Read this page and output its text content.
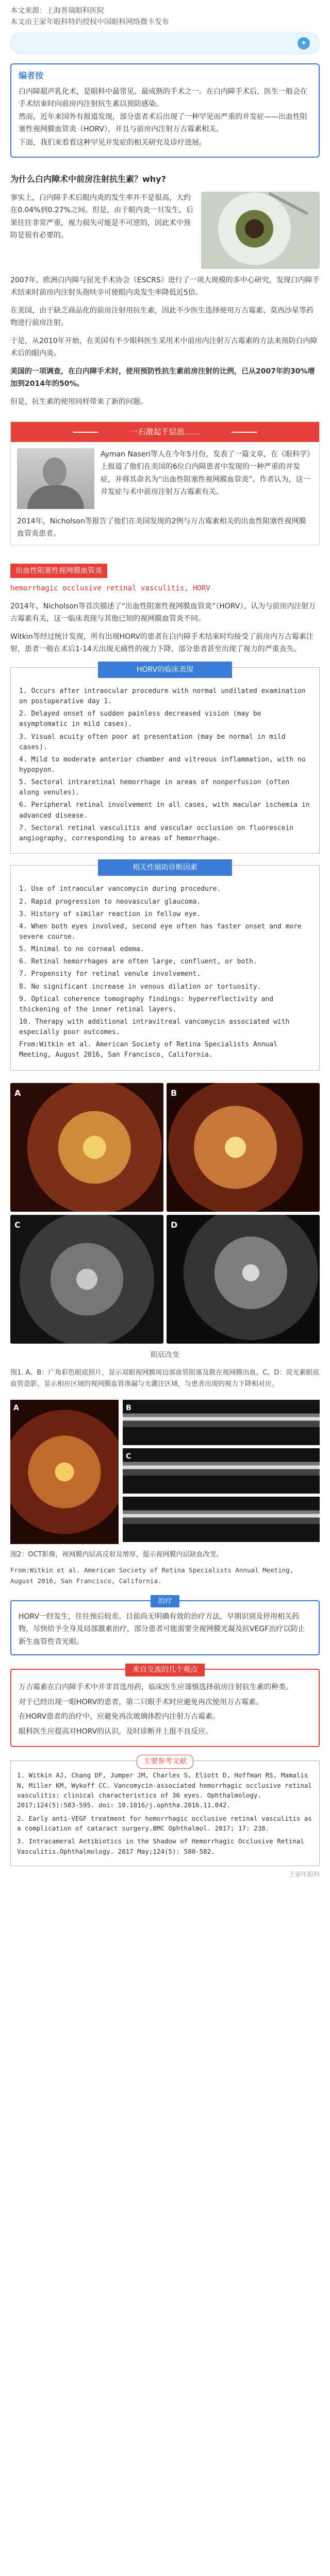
本文来源：上海普瑞眼科医院

本文由王家年眼科特约授权中国眼科网络微卡发布

✦
编者按

白内障超声乳化术，是眼科中最常见、最成熟的手术之一。在白内障手术后，医生一般会在手术结束时向前房内注射抗生素以预防感染。

然而，近年来国外有报道发现，部分患者术后出现了一种罕见而严重的并发症——出血性阻塞性视网膜血管炎（HORV），并且与前房内注射万古霉素相关。

下面，我们来看看这种罕见并发症的相关研究及诊疗进展。

为什么白内障术中前房注射抗生素？why?

事实上，白内障手术后眼内炎的发生率并不是很高，大约在0.04%到0.27%之间。但是，由于眼内炎一旦发生，后果往往非常严重，视力损失可能是不可逆的，因此术中预防是很有必要的。

2007年，欧洲白内障与屈光手术协会（ESCRS）进行了一项大规模的多中心研究，发现白内障手术结束时前房内注射头孢呋辛可使眼内炎发生率降低近5倍。

在美国，由于缺乏商品化的前房注射用抗生素，因此不少医生选择使用万古霉素、莫西沙星等药物进行前房注射。

于是，从2010年开始，在美国有不少眼科医生采用术中前房内注射万古霉素的方法来预防白内障术后的眼内炎。

美国的一项调查，在白内障手术时，使用预防性抗生素前房注射的比例，已从2007年的30%增加到2014年的50%。

但是，抗生素的使用同样带来了新的问题。

一石激起千层浪……
Ayman Naseri等人在今年5月份，发表了一篇文章，在《眼科学》上报道了他们在美国的6位白内障患者中发现的一种严重的并发症，并将其命名为“出血性阻塞性视网膜血管炎”。作者认为，这一并发症与术中前房注射万古霉素有关。

2014年，Nicholson等报告了他们在美国发现的2例与万古霉素相关的出血性阻塞性视网膜血管炎患者。

出血性阻塞性视网膜血管炎

hemorrhagic occlusive retinal vasculitis, HORV

2014年，Nicholson等首次描述了“出血性阻塞性视网膜血管炎”（HORV），认为与前房内注射万古霉素有关，这一临床表现与其他已知的视网膜血管炎不同。

Witkin等经过统计发现，所有出现HORV的患者在白内障手术结束时均接受了前房内万古霉素注射，患者一般在术后1-14天出现无痛性的视力下降，部分患者甚至出现了视力的严重丧失。

HORV的临床表现
1. Occurs after intraocular procedure with normal undilated examination on postoperative day 1.
2. Delayed onset of sudden painless decreased vision (may be asymptomatic in mild cases).
3. Visual acuity often poor at presentation (may be normal in mild cases).
4. Mild to moderate anterior chamber and vitreous inflammation, with no hypopyon.
5. Sectoral intraretinal hemorrhage in areas of nonperfusion (often along venules).
6. Peripheral retinal involvement in all cases, with macular ischemia in advanced disease.
7. Sectoral retinal vasculitis and vascular occlusion on fluorescein angiography, corresponding to areas of hemorrhage.
相关性辅助诊断因素
1. Use of intraocular vancomycin during procedure.
2. Rapid progression to neovascular glaucoma.
3. History of similar reaction in fellow eye.
4. When both eyes involved, second eye often has faster onset and more severe course.
5. Minimal to no corneal edema.
6. Retinal hemorrhages are often large, confluent, or both.
7. Propensity for retinal venule involvement.
8. No significant increase in venous dilation or tortuosity.
9. Optical coherence tomography findings: hyperreflectivity and thickening of the inner retinal layers.
10. Therapy with additional intravitreal vancomycin associated with especially poor outcomes.
From:Witkin et al. American Society of Retina Specialists Annual Meeting, August 2016, San Francisco, California.
A	B
C	D
眼底改变

图1. A、B：广角彩色眼底照片，显示双眼视网膜周边部血管阻塞及散在视网膜出血。C、D：荧光素眼底血管造影，显示相应区域的视网膜血管渗漏与无灌注区域，与患者出现的视力下降相对应。

A	B
C

图2：OCT影像，视网膜内层高反射及增厚，提示视网膜内层缺血改变。

From:Witkin et al. American Society of Retina Specialists Annual Meeting, August 2016, San Francisco, California.

治疗

HORV一经发生，往往预后较差。目前尚无明确有效的治疗方法，早期识别及停用相关药物，尽快给予全身及局部激素治疗，部分患者可能需要全视网膜光凝及抗VEGF治疗以防止新生血管性青光眼。

来自交流的几个观点

万古霉素在白内障手术中并非首选用药，临床医生应谨慎选择前房注射抗生素的种类。

对于已经出现一眼HORV的患者，第二只眼手术时应避免再次使用万古霉素。

在HORV患者的治疗中，应避免再次玻璃体腔内注射万古霉素。

眼科医生应提高对HORV的认识，及时诊断并上报不良反应。

主要参考文献
1. Witkin AJ, Chang DF, Jumper JM, Charles S, Eliott D, Hoffman RS, Mamalis N, Miller KM, Wykoff CC. Vancomycin-associated hemorrhagic occlusive retinal vasculitis: clinical characteristics of 36 eyes. Ophthalmology. 2017;124(5):583-595. doi: 10.1016/j.ophtha.2016.11.042.
2. Early anti-VEGF treatment for hemorrhagic occlusive retinal vasculitis as a complication of cataract surgery.BMC Ophthalmol. 2017; 17: 238.
3. Intracameral Antibiotics in the Shadow of Hemorrhagic Occlusive Retinal Vasculitis.Ophthalmology. 2017 May;124(5): 580-582.
王家年眼科
